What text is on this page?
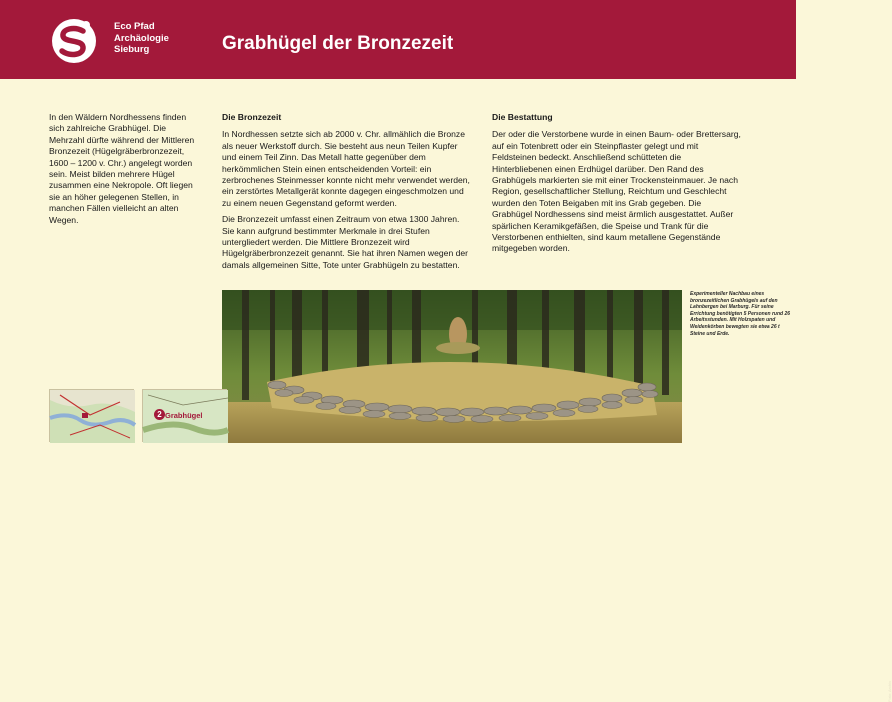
Eco Pfad
Archäologie
Sieburg	Grabhügel der Bronzezeit

In den Wäldern Nordhessens finden sich zahlreiche Grabhügel. Die Mehrzahl dürfte während der Mittleren Bronzezeit (Hügelgräberbronzezeit, 1600 – 1200 v. Chr.) angelegt worden sein. Meist bilden mehrere Hügel zusammen eine Nekropole. Oft liegen sie an höher gelegenen Stellen, in manchen Fällen vielleicht an alten Wegen.

Die Bronzezeit

In Nordhessen setzte sich ab 2000 v. Chr. allmählich die Bronze als neuer Werkstoff durch. Sie besteht aus neun Teilen Kupfer und einem Teil Zinn. Das Metall hatte gegenüber dem herkömmlichen Stein einen entscheidenden Vorteil: ein zerbrochenes Steinmesser konnte nicht mehr verwendet werden, ein zerstörtes Metallgerät konnte dagegen eingeschmolzen und zu einem neuen Gegenstand geformt werden.

Die Bronzezeit umfasst einen Zeitraum von etwa 1300 Jahren. Sie kann aufgrund bestimmter Merkmale in drei Stufen untergliedert werden. Die Mittlere Bronzezeit wird Hügelgräberbronzezeit genannt. Sie hat ihren Namen wegen der damals allgemeinen Sitte, Tote unter Grabhügeln zu bestatten.

Die Bestattung

Der oder die Verstorbene wurde in einen Baum- oder Brettersarg, auf ein Totenbrett oder ein Steinpflaster gelegt und mit Feldsteinen bedeckt. Anschließend schütteten die Hinterbliebenen einen Erdhügel darüber. Den Rand des Grabhügels markierten sie mit einer Trockensteinmauer. Je nach Region, gesellschaftlicher Stellung, Reichtum und Geschlecht wurden den Toten Beigaben mit ins Grab gegeben. Die Grabhügel Nordhessens sind meist ärmlich ausgestattet. Außer spärlichen Keramikgefäßen, die Speise und Trank für die Verstorbenen enthielten, sind kaum metallene Gegenstände mitgegeben worden.

Foto: Archiv
Experimenteller Nachbau eines bronzezeitlichen Grabhügels auf den Lahnbergen bei Marburg. Für seine Errichtung benötigten 5 Personen rund 26 Arbeitsstunden. Mit Holzspaten und Weidenkörben bewegten sie etwa 26 t Steine und Erde.
2 Grabhügel
